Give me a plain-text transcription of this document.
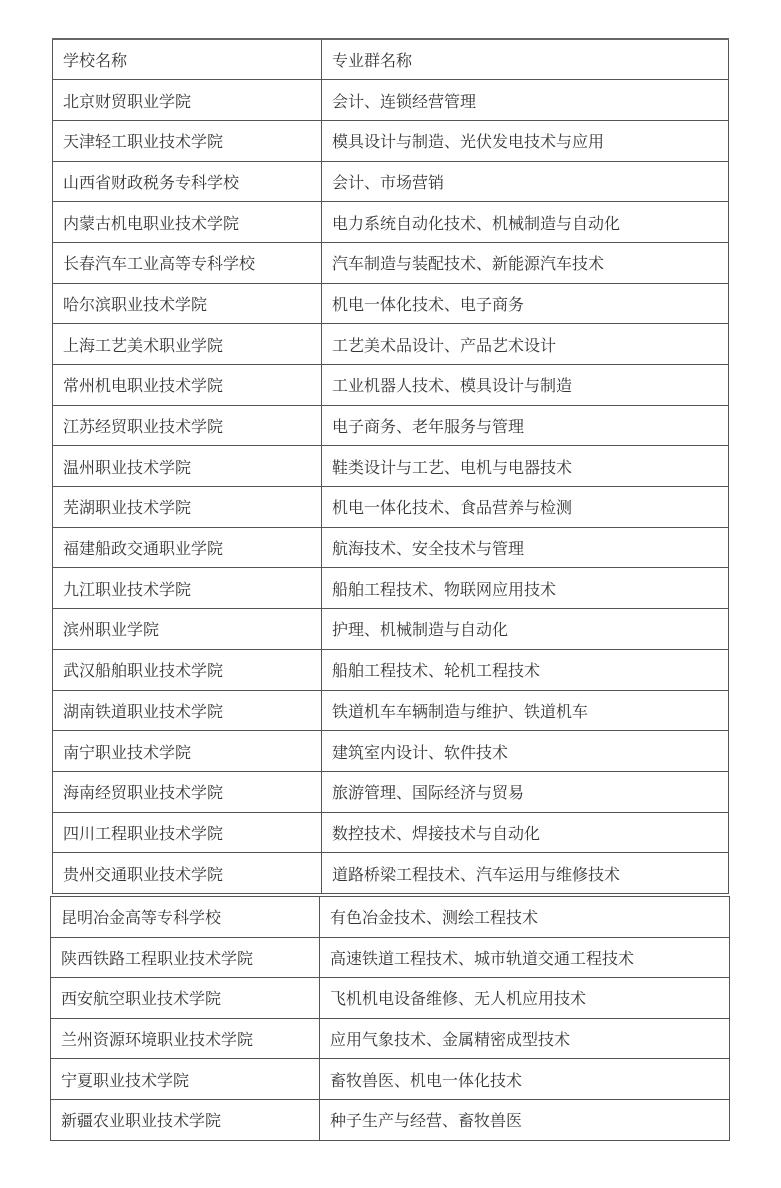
学校名称	专业群名称
北京财贸职业学院	会计、连锁经营管理
天津轻工职业技术学院	模具设计与制造、光伏发电技术与应用
山西省财政税务专科学校	会计、市场营销
内蒙古机电职业技术学院	电力系统自动化技术、机械制造与自动化
长春汽车工业高等专科学校	汽车制造与装配技术、新能源汽车技术
哈尔滨职业技术学院	机电一体化技术、电子商务
上海工艺美术职业学院	工艺美术品设计、产品艺术设计
常州机电职业技术学院	工业机器人技术、模具设计与制造
江苏经贸职业技术学院	电子商务、老年服务与管理
温州职业技术学院	鞋类设计与工艺、电机与电器技术
芜湖职业技术学院	机电一体化技术、食品营养与检测
福建船政交通职业学院	航海技术、安全技术与管理
九江职业技术学院	船舶工程技术、物联网应用技术
滨州职业学院	护理、机械制造与自动化
武汉船舶职业技术学院	船舶工程技术、轮机工程技术
湖南铁道职业技术学院	铁道机车车辆制造与维护、铁道机车
南宁职业技术学院	建筑室内设计、软件技术
海南经贸职业技术学院	旅游管理、国际经济与贸易
四川工程职业技术学院	数控技术、焊接技术与自动化
贵州交通职业技术学院	道路桥梁工程技术、汽车运用与维修技术
昆明冶金高等专科学校	有色冶金技术、测绘工程技术
陕西铁路工程职业技术学院	高速铁道工程技术、城市轨道交通工程技术
西安航空职业技术学院	飞机机电设备维修、无人机应用技术
兰州资源环境职业技术学院	应用气象技术、金属精密成型技术
宁夏职业技术学院	畜牧兽医、机电一体化技术
新疆农业职业技术学院	种子生产与经营、畜牧兽医
